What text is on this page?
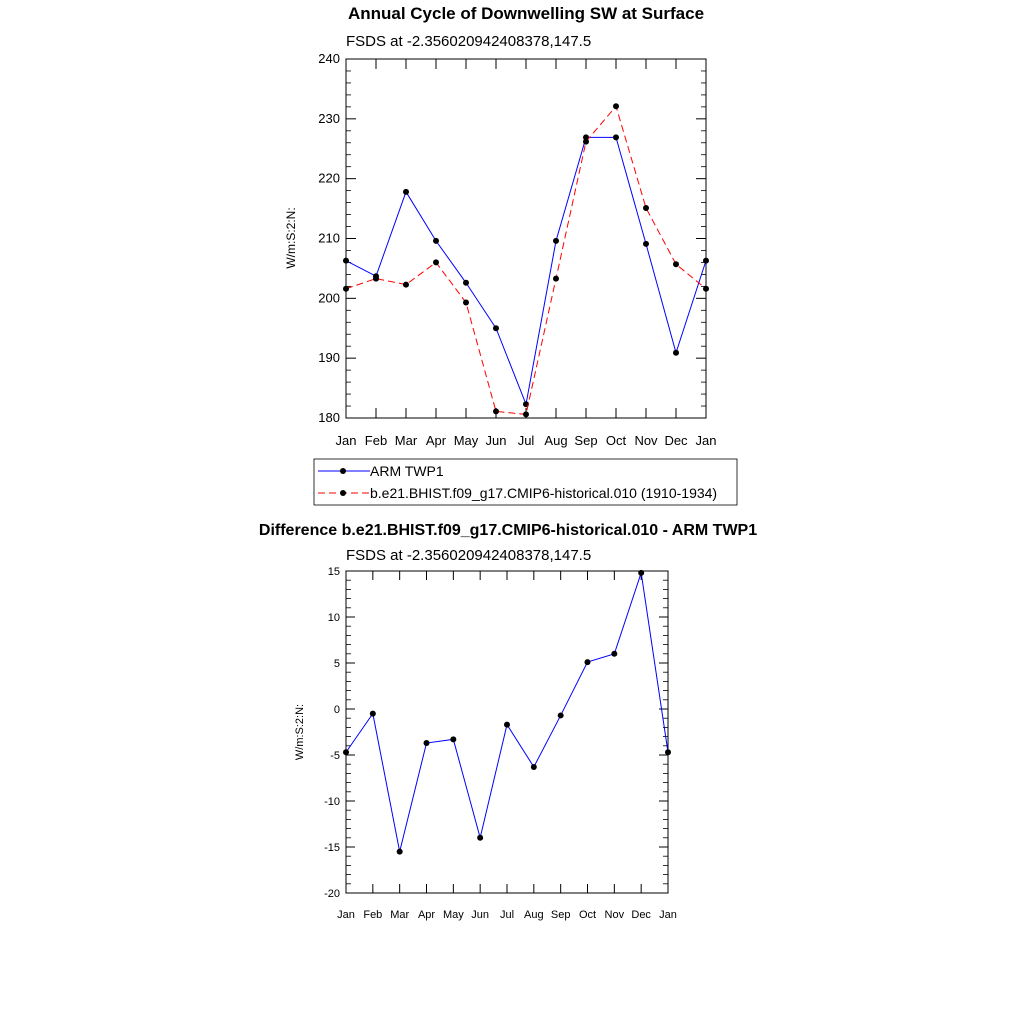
Annual Cycle of Downwelling SW at Surface
FSDS at -2.356020942408378,147.5
W/m:S:2:N:
180
190
200
210
220
230
240
Jan Feb Mar Apr May Jun Jul Aug Sep Oct Nov Dec Jan
ARM TWP1
b.e21.BHIST.f09_g17.CMIP6-historical.010 (1910-1934)
Difference b.e21.BHIST.f09_g17.CMIP6-historical.010 - ARM TWP1
FSDS at -2.356020942408378,147.5
W/m:S:2:N:
-20
-15
-10
-5
0
5
10
15
Jan Feb Mar Apr May Jun Jul Aug Sep Oct Nov Dec Jan
